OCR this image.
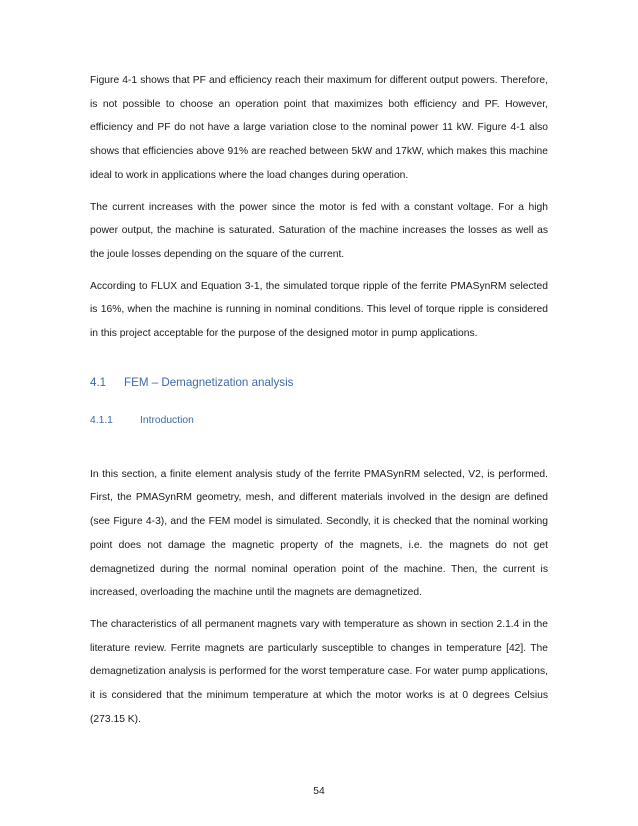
Figure 4-1 shows that PF and efficiency reach their maximum for different output powers. Therefore, is not possible to choose an operation point that maximizes both efficiency and PF. However, efficiency and PF do not have a large variation close to the nominal power 11 kW. Figure 4-1 also shows that efficiencies above 91% are reached between 5kW and 17kW, which makes this machine ideal to work in applications where the load changes during operation.

The current increases with the power since the motor is fed with a constant voltage. For a high power output, the machine is saturated. Saturation of the machine increases the losses as well as the joule losses depending on the square of the current.

According to FLUX and Equation 3-1, the simulated torque ripple of the ferrite PMASynRM selected is 16%, when the machine is running in nominal conditions. This level of torque ripple is considered in this project acceptable for the purpose of the designed motor in pump applications.

4.1 FEM – Demagnetization analysis
4.1.1	Introduction

In this section, a finite element analysis study of the ferrite PMASynRM selected, V2, is performed. First, the PMASynRM geometry, mesh, and different materials involved in the design are defined (see Figure 4-3), and the FEM model is simulated. Secondly, it is checked that the nominal working point does not damage the magnetic property of the magnets, i.e. the magnets do not get demagnetized during the normal nominal operation point of the machine. Then, the current is increased, overloading the machine until the magnets are demagnetized.

The characteristics of all permanent magnets vary with temperature as shown in section 2.1.4 in the literature review. Ferrite magnets are particularly susceptible to changes in temperature [42]. The demagnetization analysis is performed for the worst temperature case. For water pump applications, it is considered that the minimum temperature at which the motor works is at 0 degrees Celsius (273.15 K).

54
